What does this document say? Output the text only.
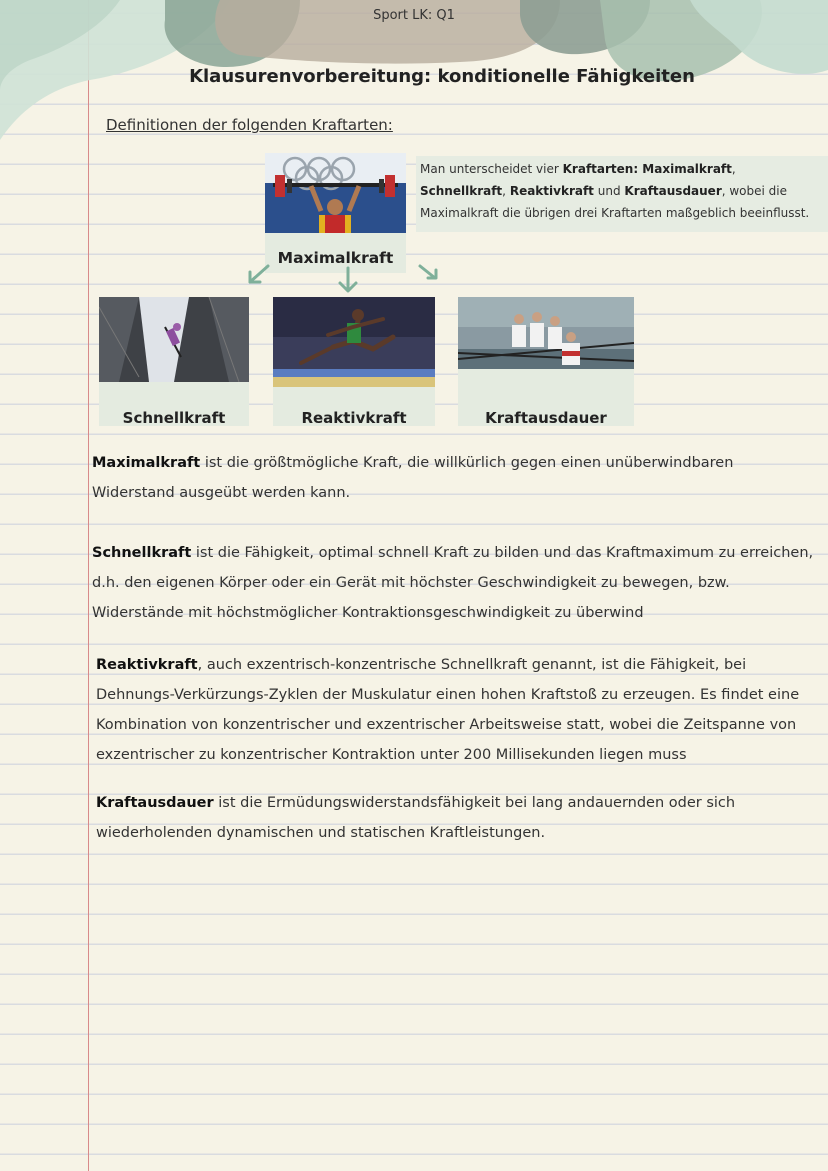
Sport LK: Q1
Klausurenvorbereitung: konditionelle Fähigkeiten
Definitionen der folgenden Kraftarten:
Man unterscheidet vier Kraftarten: Maximalkraft, Schnellkraft, Reaktivkraft und Kraftausdauer, wobei die Maximalkraft die übrigen drei Kraftarten maßgeblich beeinflusst.
Maximalkraft
Schnellkraft	Reaktivkraft	Kraftausdauer
Maximalkraft ist die größtmögliche Kraft, die willkürlich gegen einen unüberwindbaren Widerstand ausgeübt werden kann.
Schnellkraft ist die Fähigkeit, optimal schnell Kraft zu bilden und das Kraftmaximum zu erreichen, d.h. den eigenen Körper oder ein Gerät mit höchster Geschwindigkeit zu bewegen, bzw. Widerstände mit höchstmöglicher Kontraktionsgeschwindigkeit zu überwind
Reaktivkraft, auch exzentrisch-konzentrische Schnellkraft genannt, ist die Fähigkeit, bei Dehnungs-Verkürzungs-Zyklen der Muskulatur einen hohen Kraftstoß zu erzeugen. Es findet eine Kombination von konzentrischer und exzentrischer Arbeitsweise statt, wobei die Zeitspanne von exzentrischer zu konzentrischer Kontraktion unter 200 Millisekunden liegen muss
Kraftausdauer ist die Ermüdungswiderstandsfähigkeit bei lang andauernden oder sich wiederholenden dynamischen und statischen Kraftleistungen.
